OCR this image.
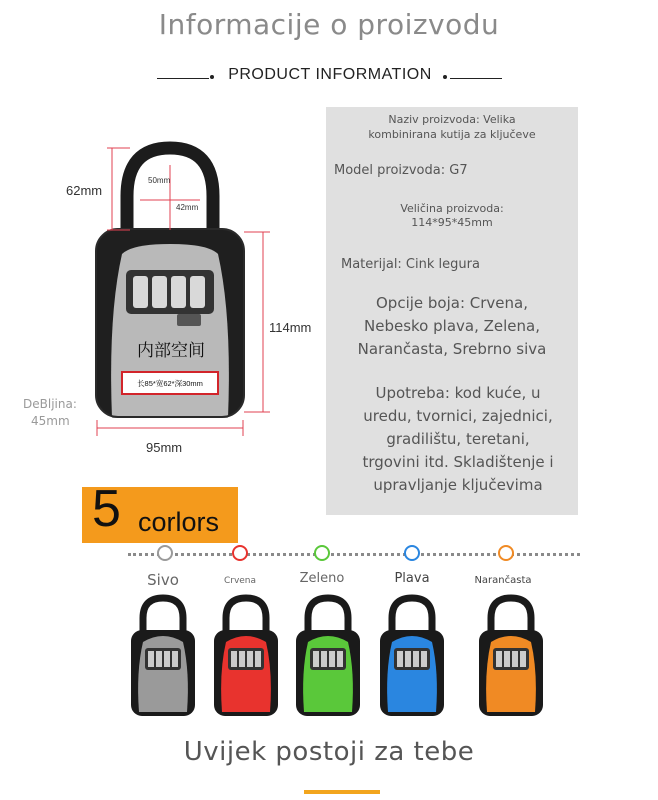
Informacije o proizvodu
PRODUCT INFORMATION
62mm
50mm
42mm
114mm
95mm
DeBljina:
45mm
内部空间
长85*宽62*深30mm
Naziv proizvoda: Velika
kombinirana kutija za ključeve
Model proizvoda: G7
Veličina proizvoda:
114*95*45mm
Materijal: Cink legura
Opcije boja: Crvena,
Nebesko plava, Zelena,
Narančasta, Srebrno siva
Upotreba: kod kuće, u
uredu, tvornici, zajednici,
gradilištu, teretani,
trgovini itd. Skladištenje i
upravljanje ključevima
5 corlors
Sivo	Crvena	Zeleno	Plava	Narančasta
Uvijek postoji za tebe
